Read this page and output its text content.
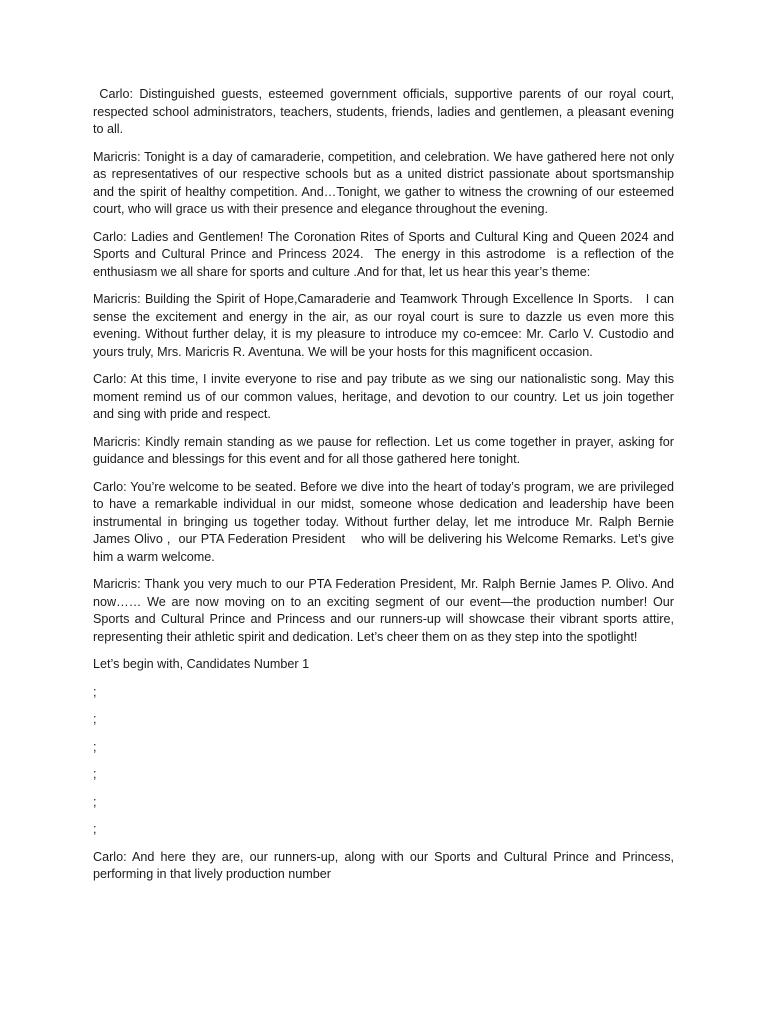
Carlo: Distinguished guests, esteemed government officials, supportive parents of our royal court, respected school administrators, teachers, students, friends, ladies and gentlemen, a pleasant evening to all.

Maricris: Tonight is a day of camaraderie, competition, and celebration. We have gathered here not only as representatives of our respective schools but as a united district passionate about sportsmanship and the spirit of healthy competition. And…Tonight, we gather to witness the crowning of our esteemed court, who will grace us with their presence and elegance throughout the evening.

Carlo: Ladies and Gentlemen! The Coronation Rites of Sports and Cultural King and Queen 2024 and Sports and Cultural Prince and Princess 2024.  The energy in this astrodome  is a reflection of the enthusiasm we all share for sports and culture .And for that, let us hear this year’s theme:

Maricris: Building the Spirit of Hope,Camaraderie and Teamwork Through Excellence In Sports.   I can sense the excitement and energy in the air, as our royal court is sure to dazzle us even more this evening. Without further delay, it is my pleasure to introduce my co-emcee: Mr. Carlo V. Custodio and yours truly, Mrs. Maricris R. Aventuna. We will be your hosts for this magnificent occasion.

Carlo: At this time, I invite everyone to rise and pay tribute as we sing our nationalistic song. May this moment remind us of our common values, heritage, and devotion to our country. Let us join together and sing with pride and respect.

Maricris: Kindly remain standing as we pause for reflection. Let us come together in prayer, asking for guidance and blessings for this event and for all those gathered here tonight.

Carlo: You’re welcome to be seated. Before we dive into the heart of today’s program, we are privileged to have a remarkable individual in our midst, someone whose dedication and leadership have been instrumental in bringing us together today. Without further delay, let me introduce Mr. Ralph Bernie James Olivo ,  our PTA Federation President    who will be delivering his Welcome Remarks. Let’s give him a warm welcome.

Maricris: Thank you very much to our PTA Federation President, Mr. Ralph Bernie James P. Olivo. And now…… We are now moving on to an exciting segment of our event—the production number! Our Sports and Cultural Prince and Princess and our runners-up will showcase their vibrant sports attire, representing their athletic spirit and dedication. Let’s cheer them on as they step into the spotlight!

Let’s begin with, Candidates Number 1

;

;

;

;

;

;

Carlo: And here they are, our runners-up, along with our Sports and Cultural Prince and Princess, performing in that lively production number
